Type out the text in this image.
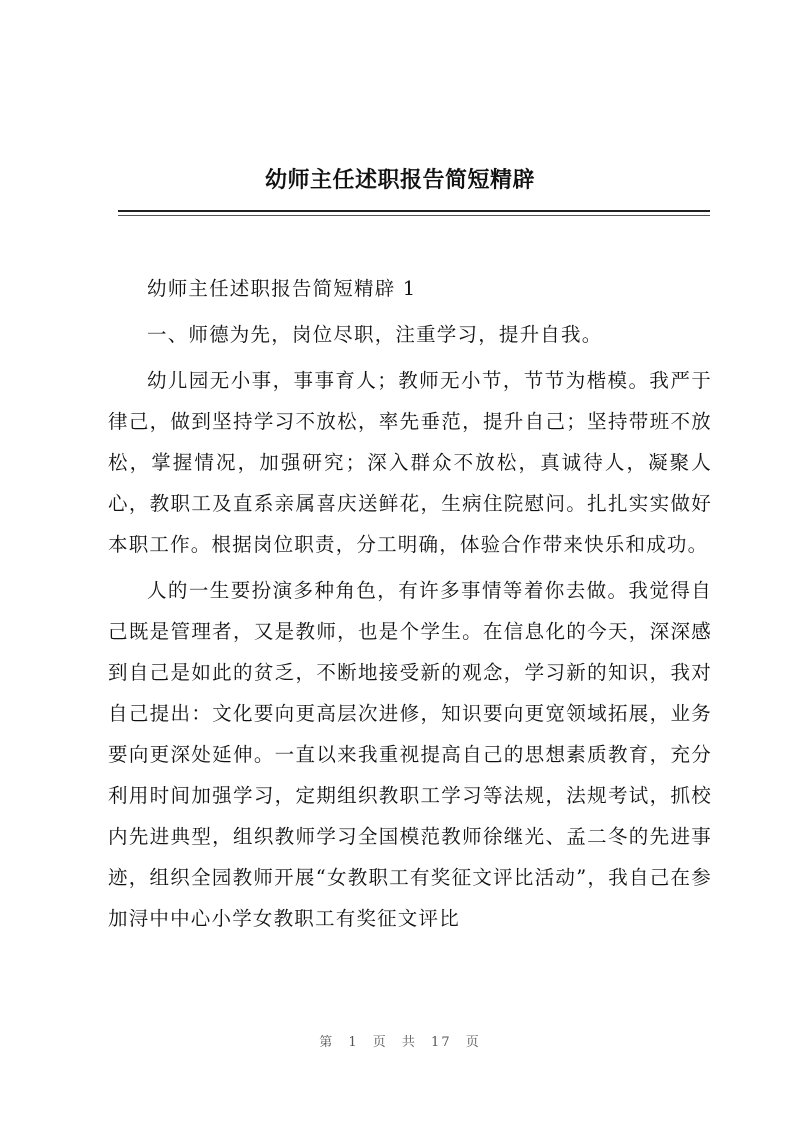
幼师主任述职报告简短精辟

幼师主任述职报告简短精辟 1

一、师德为先，岗位尽职，注重学习，提升自我。

幼儿园无小事，事事育人；教师无小节，节节为楷模。我严于律己，做到坚持学习不放松，率先垂范，提升自己；坚持带班不放松，掌握情况，加强研究；深入群众不放松，真诚待人，凝聚人心，教职工及直系亲属喜庆送鲜花，生病住院慰问。扎扎实实做好本职工作。根据岗位职责，分工明确，体验合作带来快乐和成功。

人的一生要扮演多种角色，有许多事情等着你去做。我觉得自己既是管理者，又是教师，也是个学生。在信息化的今天，深深感到自己是如此的贫乏，不断地接受新的观念，学习新的知识，我对自己提出：文化要向更高层次进修，知识要向更宽领域拓展，业务要向更深处延伸。一直以来我重视提高自己的思想素质教育，充分利用时间加强学习，定期组织教职工学习等法规，法规考试，抓校内先进典型，组织教师学习全国模范教师徐继光、孟二冬的先进事迹，组织全园教师开展“女教职工有奖征文评比活动”，我自己在参加浔中中心小学女教职工有奖征文评比

第 1 页 共 17 页
